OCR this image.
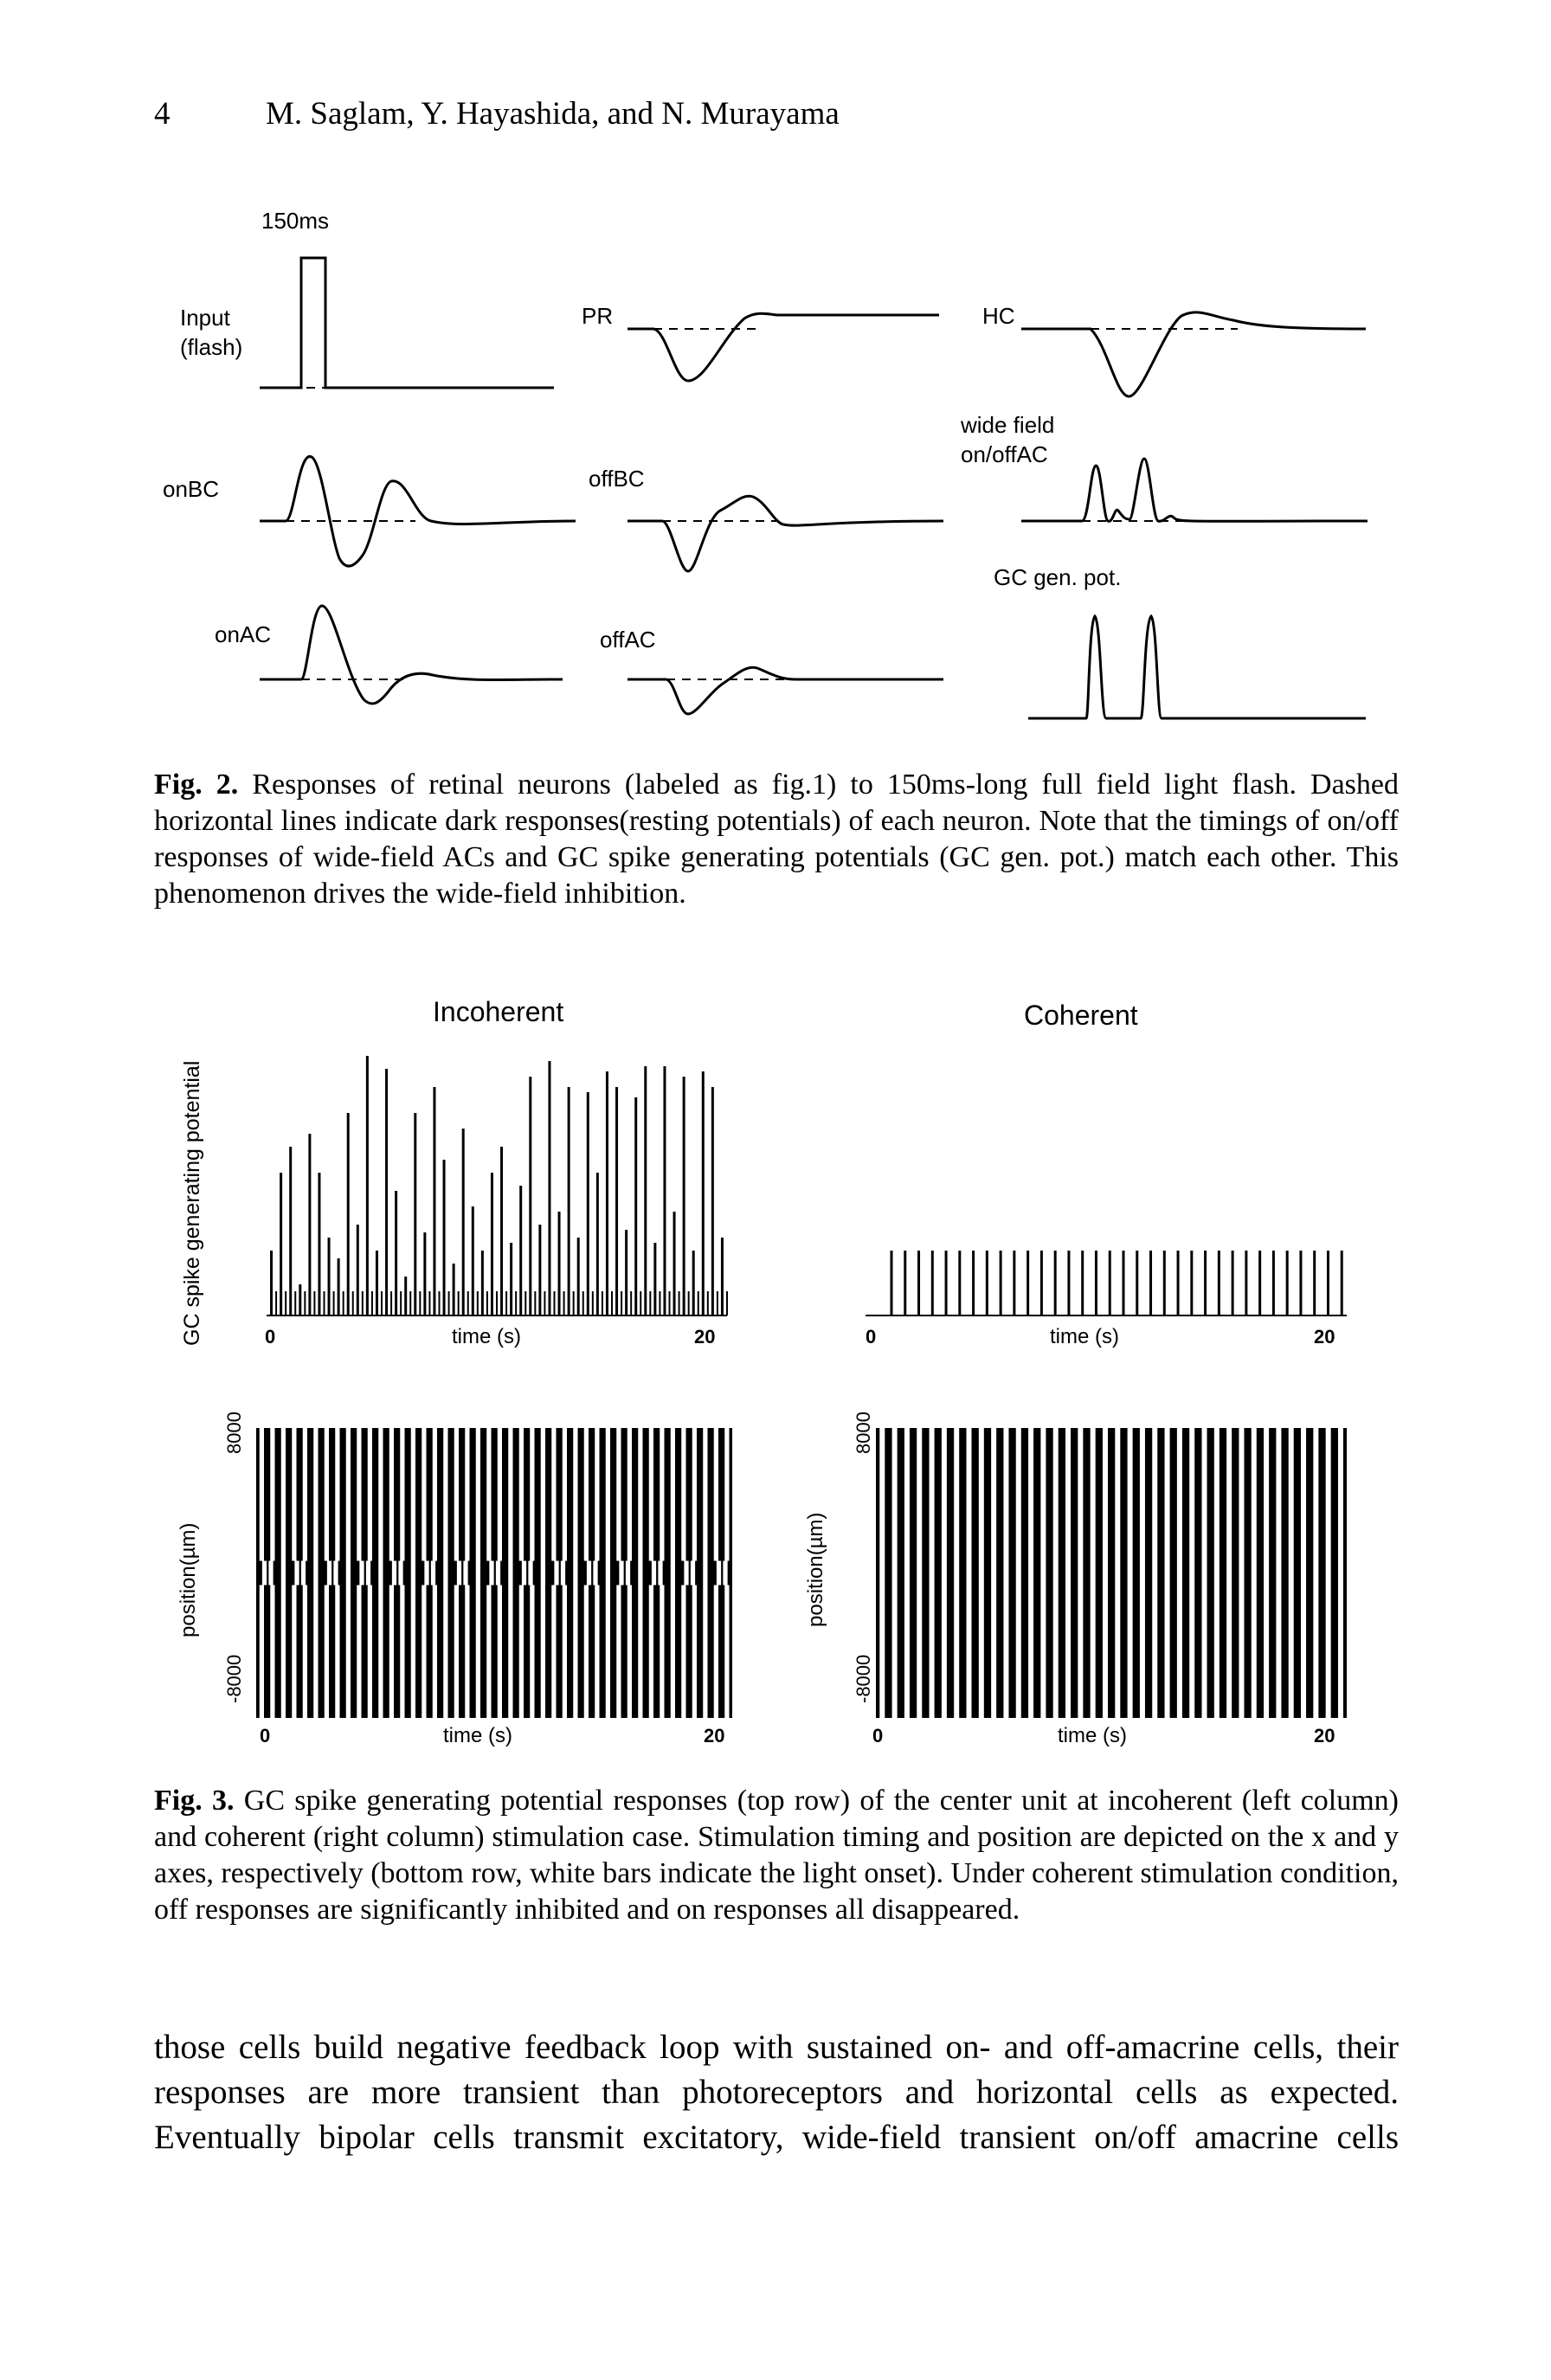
4	M. Saglam, Y. Hayashida, and N. Murayama
150ms
Input
(flash)
PR	HC
onBC	offBC
wide field
on/offAC
onAC	offAC
GC gen. pot.
Fig. 2. Responses of retinal neurons (labeled as fig.1) to 150ms-long full field light flash. Dashed horizontal lines indicate dark responses(resting potentials) of each neuron. Note that the timings of on/off responses of wide-field ACs and GC spike generating potentials (GC gen. pot.) match each other. This phenomenon drives the wide-field inhibition.
GC spike generating potential
Incoherent	Coherent
0	time (s)	20	0	time (s)	20
position(µm)
8000
-8000
0	time (s)	20
position(µm)
8000
-8000
0	time (s)	20
Fig. 3. GC spike generating potential responses (top row) of the center unit at incoherent (left column) and coherent (right column) stimulation case. Stimulation timing and position are depicted on the x and y axes, respectively (bottom row, white bars indicate the light onset). Under coherent stimulation condition, off responses are significantly inhibited and on responses all disappeared.
those cells build negative feedback loop with sustained on- and off-amacrine cells, their
responses are more transient than photoreceptors and horizontal cells as expected.
Eventually bipolar cells transmit excitatory, wide-field transient on/off amacrine cells
